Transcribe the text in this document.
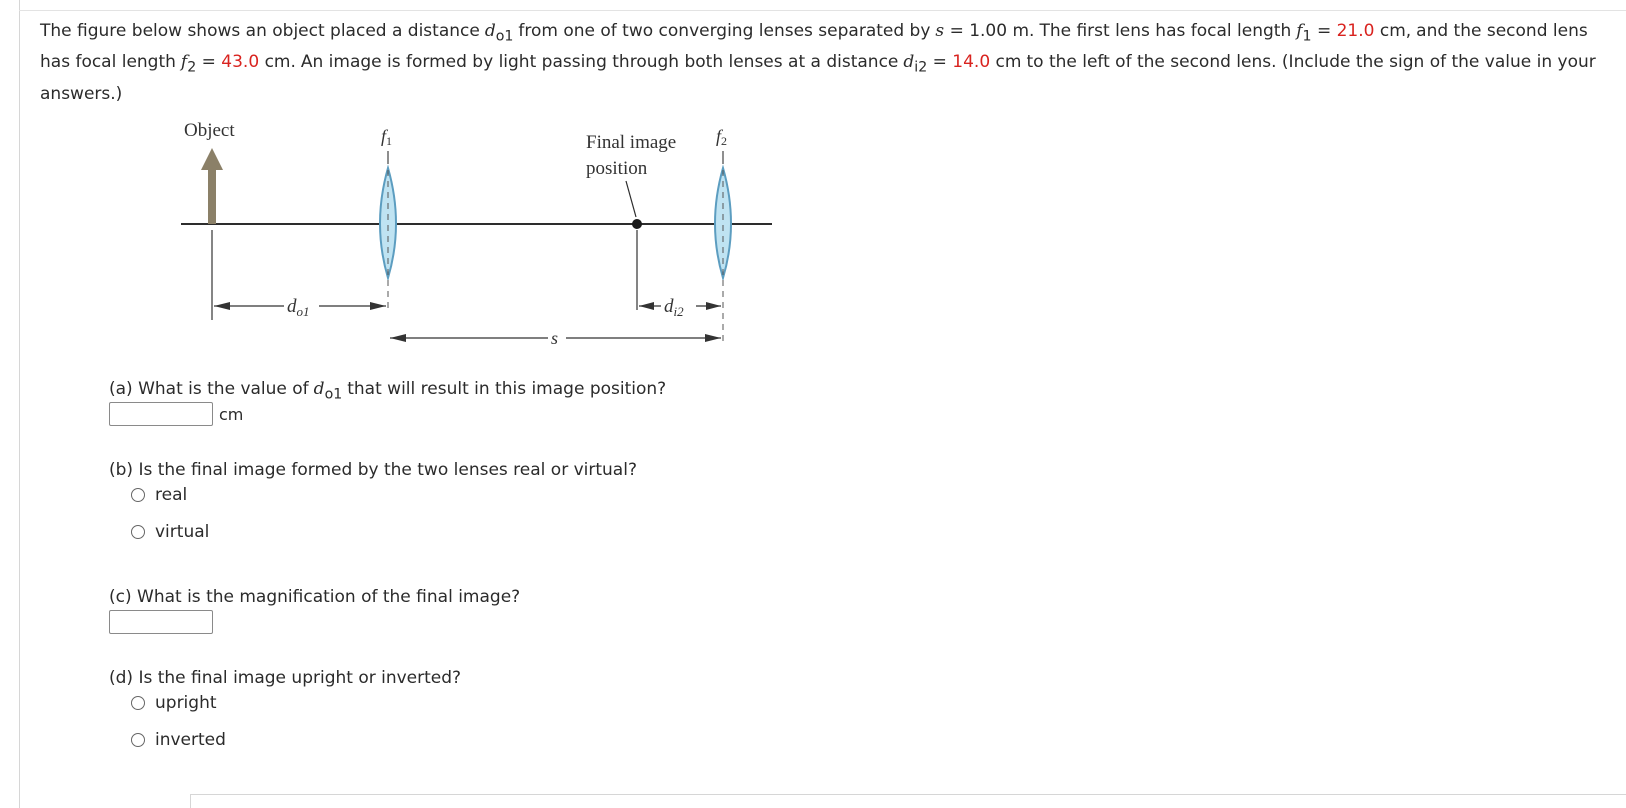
The figure below shows an object placed a distance $d_{o1}$ from one of two converging lenses separated by s = 1.00 m. The first lens has focal length $f_1 = 21.0$ cm, and the second lens has focal length $f_2 = 43.0$ cm. An image is formed by light passing through both lenses at a distance $d_{i2} = 14.0$ cm to the left of the second lens. (Include the sign of the value in your answers.)

Object	f1	f2
Final image
position
$d_{o1}$	$d_{i2}$
s
(a) What is the value of $d_{o1}$ that will result in this image position?
cm
(b) Is the final image formed by the two lenses real or virtual?
real
virtual
(c) What is the magnification of the final image?
(d) Is the final image upright or inverted?
upright
inverted
